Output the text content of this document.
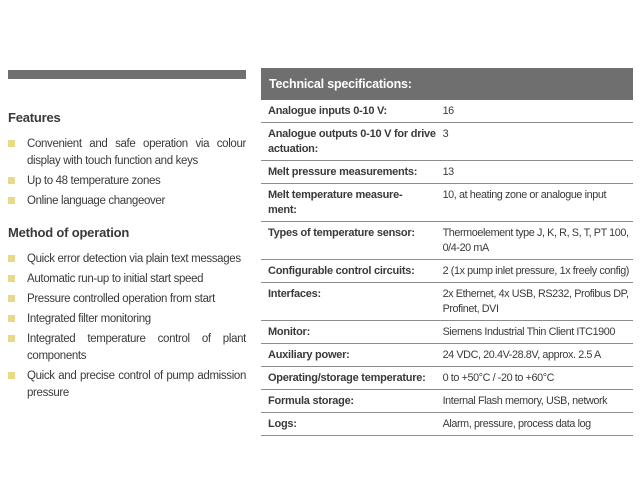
Features
Convenient and safe operation via colour display with touch function and keys
Up to 48 temperature zones
Online language changeover
Method of operation
Quick error detection via plain text messages
Automatic run-up to initial start speed
Pressure controlled operation from start
Integrated filter monitoring
Integrated temperature control of plant components
Quick and precise control of pump admission pressure
Technical specifications:
Analogue inputs 0-10 V:	16
Analogue outputs 0-10 V for drive actuation:	3
Melt pressure measurements:	13

Melt temperature measurement:	10, at heating zone or analogue input
Types of temperature sensor:	Thermoelement type J, K, R, S, T, PT 100, 0/4-20 mA
Configurable control circuits:	2 (1x pump inlet pressure, 1x freely config)
Interfaces:	2x Ethernet, 4x USB, RS232, Profibus DP, Profinet, DVI
Monitor:	Siemens Industrial Thin Client ITC1900
Auxiliary power:	24 VDC, 20.4V-28.8V, approx. 2.5 A
Operating/storage temperature:	0 to +50°C / -20 to +60°C
Formula storage:	Internal Flash memory, USB, network
Logs:	Alarm, pressure, process data log
